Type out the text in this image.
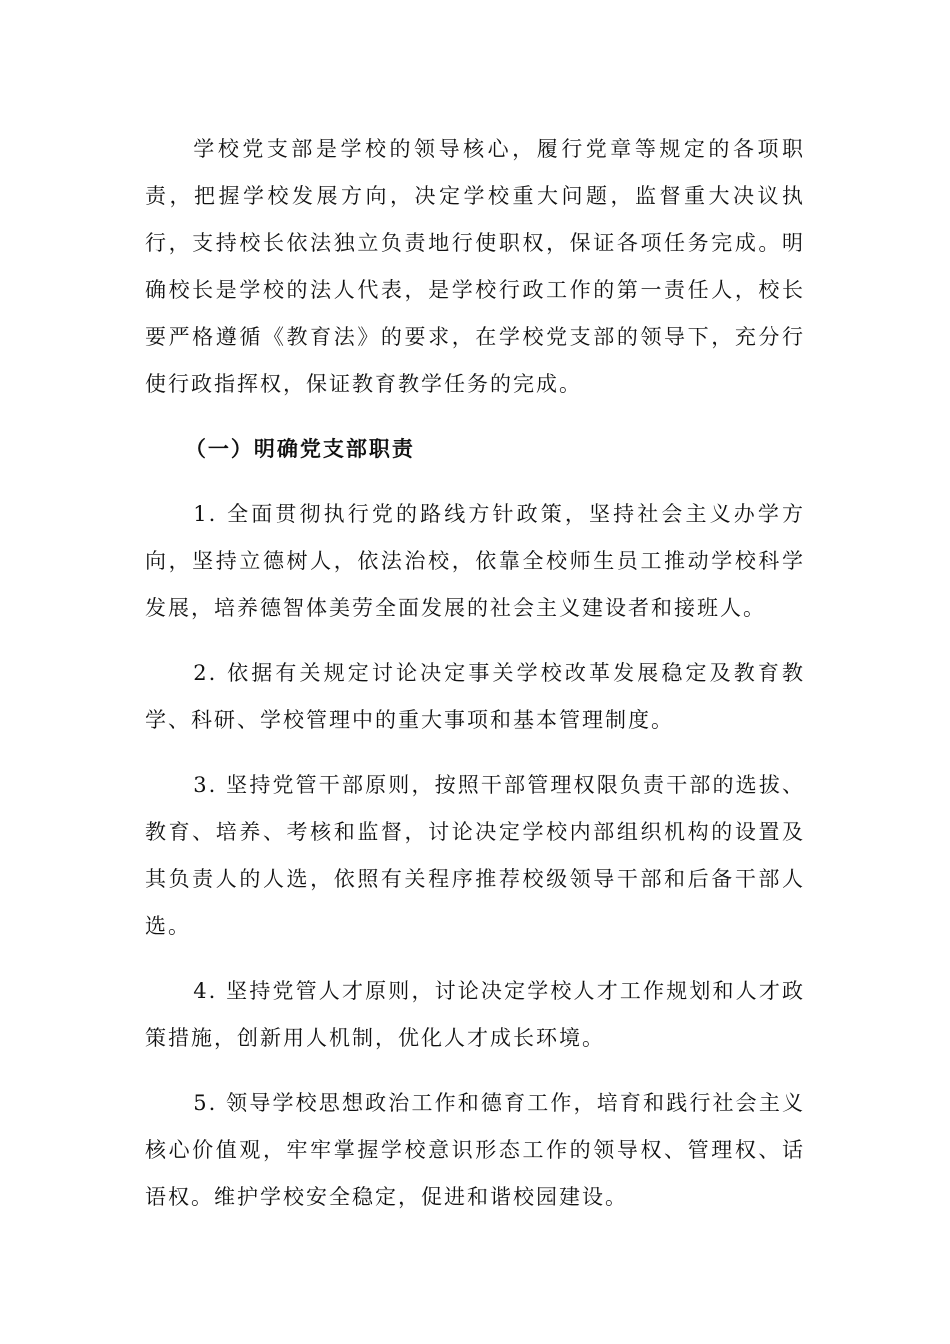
学校党支部是学校的领导核心，履行党章等规定的各项职责，把握学校发展方向，决定学校重大问题，监督重大决议执行，支持校长依法独立负责地行使职权，保证各项任务完成。明确校长是学校的法人代表，是学校行政工作的第一责任人，校长要严格遵循《教育法》的要求，在学校党支部的领导下，充分行使行政指挥权，保证教育教学任务的完成。

（一）明确党支部职责

1. 全面贯彻执行党的路线方针政策，坚持社会主义办学方向，坚持立德树人，依法治校，依靠全校师生员工推动学校科学发展，培养德智体美劳全面发展的社会主义建设者和接班人。

2. 依据有关规定讨论决定事关学校改革发展稳定及教育教学、科研、学校管理中的重大事项和基本管理制度。

3. 坚持党管干部原则，按照干部管理权限负责干部的选拔、教育、培养、考核和监督，讨论决定学校内部组织机构的设置及其负责人的人选，依照有关程序推荐校级领导干部和后备干部人选。

4. 坚持党管人才原则，讨论决定学校人才工作规划和人才政策措施，创新用人机制，优化人才成长环境。

5. 领导学校思想政治工作和德育工作，培育和践行社会主义核心价值观，牢牢掌握学校意识形态工作的领导权、管理权、话语权。维护学校安全稳定，促进和谐校园建设。
